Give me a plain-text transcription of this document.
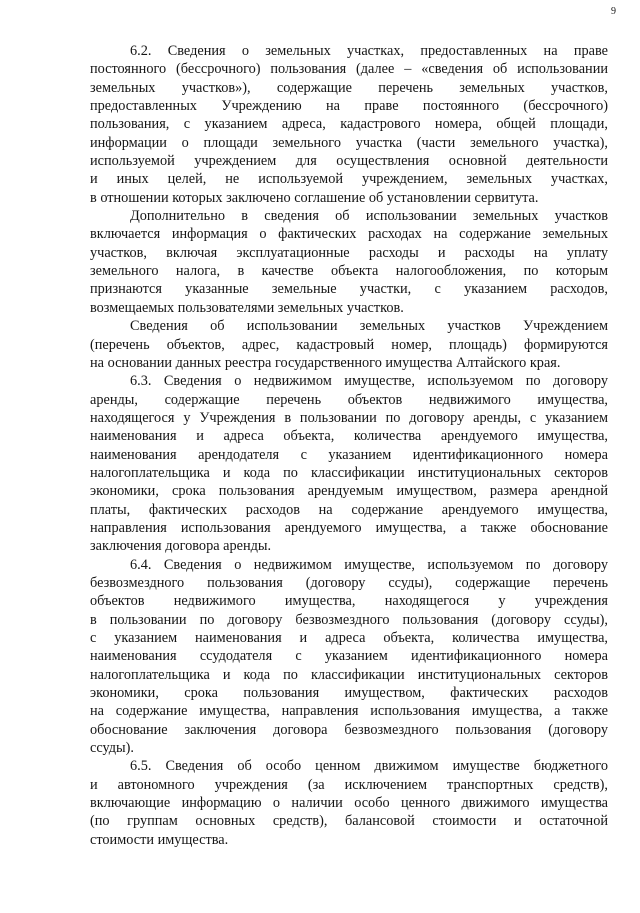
9
6.2. Сведения о земельных участках, предоставленных на праве
постоянного (бессрочного) пользования (далее – «сведения об использовании
земельных участков»), содержащие перечень земельных участков,
предоставленных Учреждению на праве постоянного (бессрочного)
пользования, с указанием адреса, кадастрового номера, общей площади,
информации о площади земельного участка (части земельного участка),
используемой учреждением для осуществления основной деятельности
и иных целей, не используемой учреждением, земельных участках,
в отношении которых заключено соглашение об установлении сервитута.
Дополнительно в сведения об использовании земельных участков
включается информация о фактических расходах на содержание земельных
участков, включая эксплуатационные расходы и расходы на уплату
земельного налога, в качестве объекта налогообложения, по которым
признаются указанные земельные участки, с указанием расходов,
возмещаемых пользователями земельных участков.
Сведения об использовании земельных участков Учреждением
(перечень объектов, адрес, кадастровый номер, площадь) формируются
на основании данных реестра государственного имущества Алтайского края.
6.3. Сведения о недвижимом имуществе, используемом по договору
аренды, содержащие перечень объектов недвижимого имущества,
находящегося у Учреждения в пользовании по договору аренды, с указанием
наименования и адреса объекта, количества арендуемого имущества,
наименования арендодателя с указанием идентификационного номера
налогоплательщика и кода по классификации институциональных секторов
экономики, срока пользования арендуемым имуществом, размера арендной
платы, фактических расходов на содержание арендуемого имущества,
направления использования арендуемого имущества, а также обоснование
заключения договора аренды.
6.4. Сведения о недвижимом имуществе, используемом по договору
безвозмездного пользования (договору ссуды), содержащие перечень
объектов недвижимого имущества, находящегося у учреждения
в пользовании по договору безвозмездного пользования (договору ссуды),
с указанием наименования и адреса объекта, количества имущества,
наименования ссудодателя с указанием идентификационного номера
налогоплательщика и кода по классификации институциональных секторов
экономики, срока пользования имуществом, фактических расходов
на содержание имущества, направления использования имущества, а также
обоснование заключения договора безвозмездного пользования (договору
ссуды).
6.5. Сведения об особо ценном движимом имуществе бюджетного
и автономного учреждения (за исключением транспортных средств),
включающие информацию о наличии особо ценного движимого имущества
(по группам основных средств), балансовой стоимости и остаточной
стоимости имущества.
